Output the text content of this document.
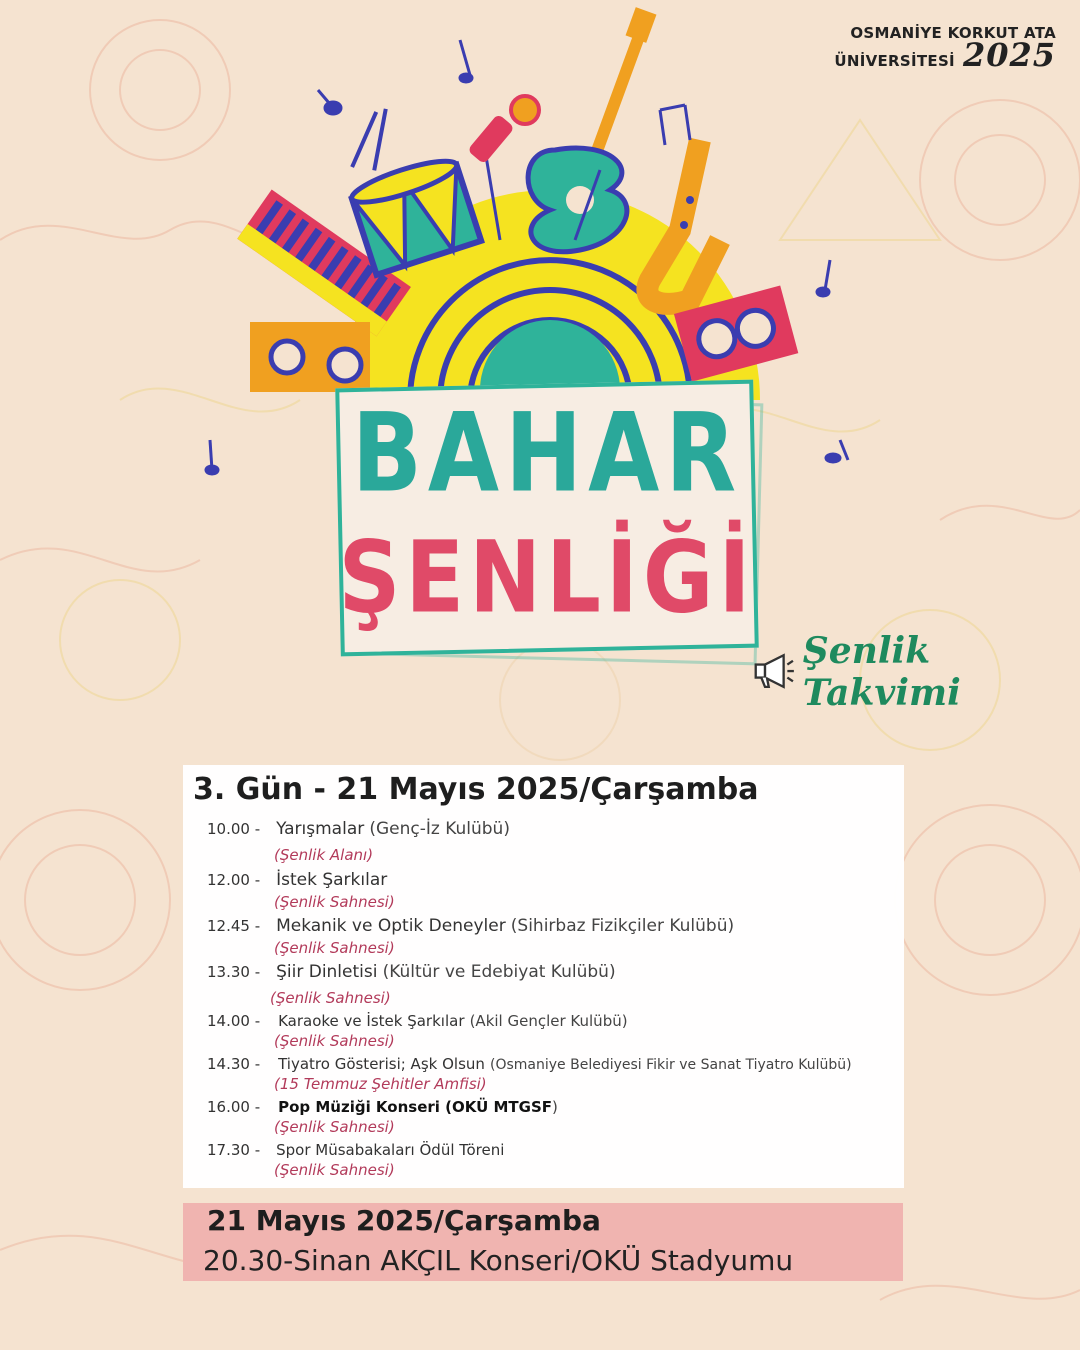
OSMANİYE KORKUT ATA
ÜNİVERSİTESİ 2025
BAHAR
ŞENLİĞİ
Şenlik Takvimi
3. Gün - 21 Mayıs 2025/Çarşamba
10.00 - Yarışmalar (Genç-İz Kulübü)
(Şenlik Alanı)
12.00 - İstek Şarkılar
(Şenlik Sahnesi)
12.45 - Mekanik ve Optik Deneyler (Sihirbaz Fizikçiler Kulübü)
(Şenlik Sahnesi)
13.30 - Şiir Dinletisi (Kültür ve Edebiyat Kulübü)
(Şenlik Sahnesi)
14.00 - Karaoke ve İstek Şarkılar (Akil Gençler Kulübü)
(Şenlik Sahnesi)
14.30 - Tiyatro Gösterisi; Aşk Olsun (Osmaniye Belediyesi Fikir ve Sanat Tiyatro Kulübü)
(15 Temmuz Şehitler Amfisi)
16.00 - Pop Müziği Konseri (OKÜ MTGSF)
(Şenlik Sahnesi)
17.30 - Spor Müsabakaları Ödül Töreni
(Şenlik Sahnesi)
21 Mayıs 2025/Çarşamba
20.30-Sinan AKÇIL Konseri/OKÜ Stadyumu
